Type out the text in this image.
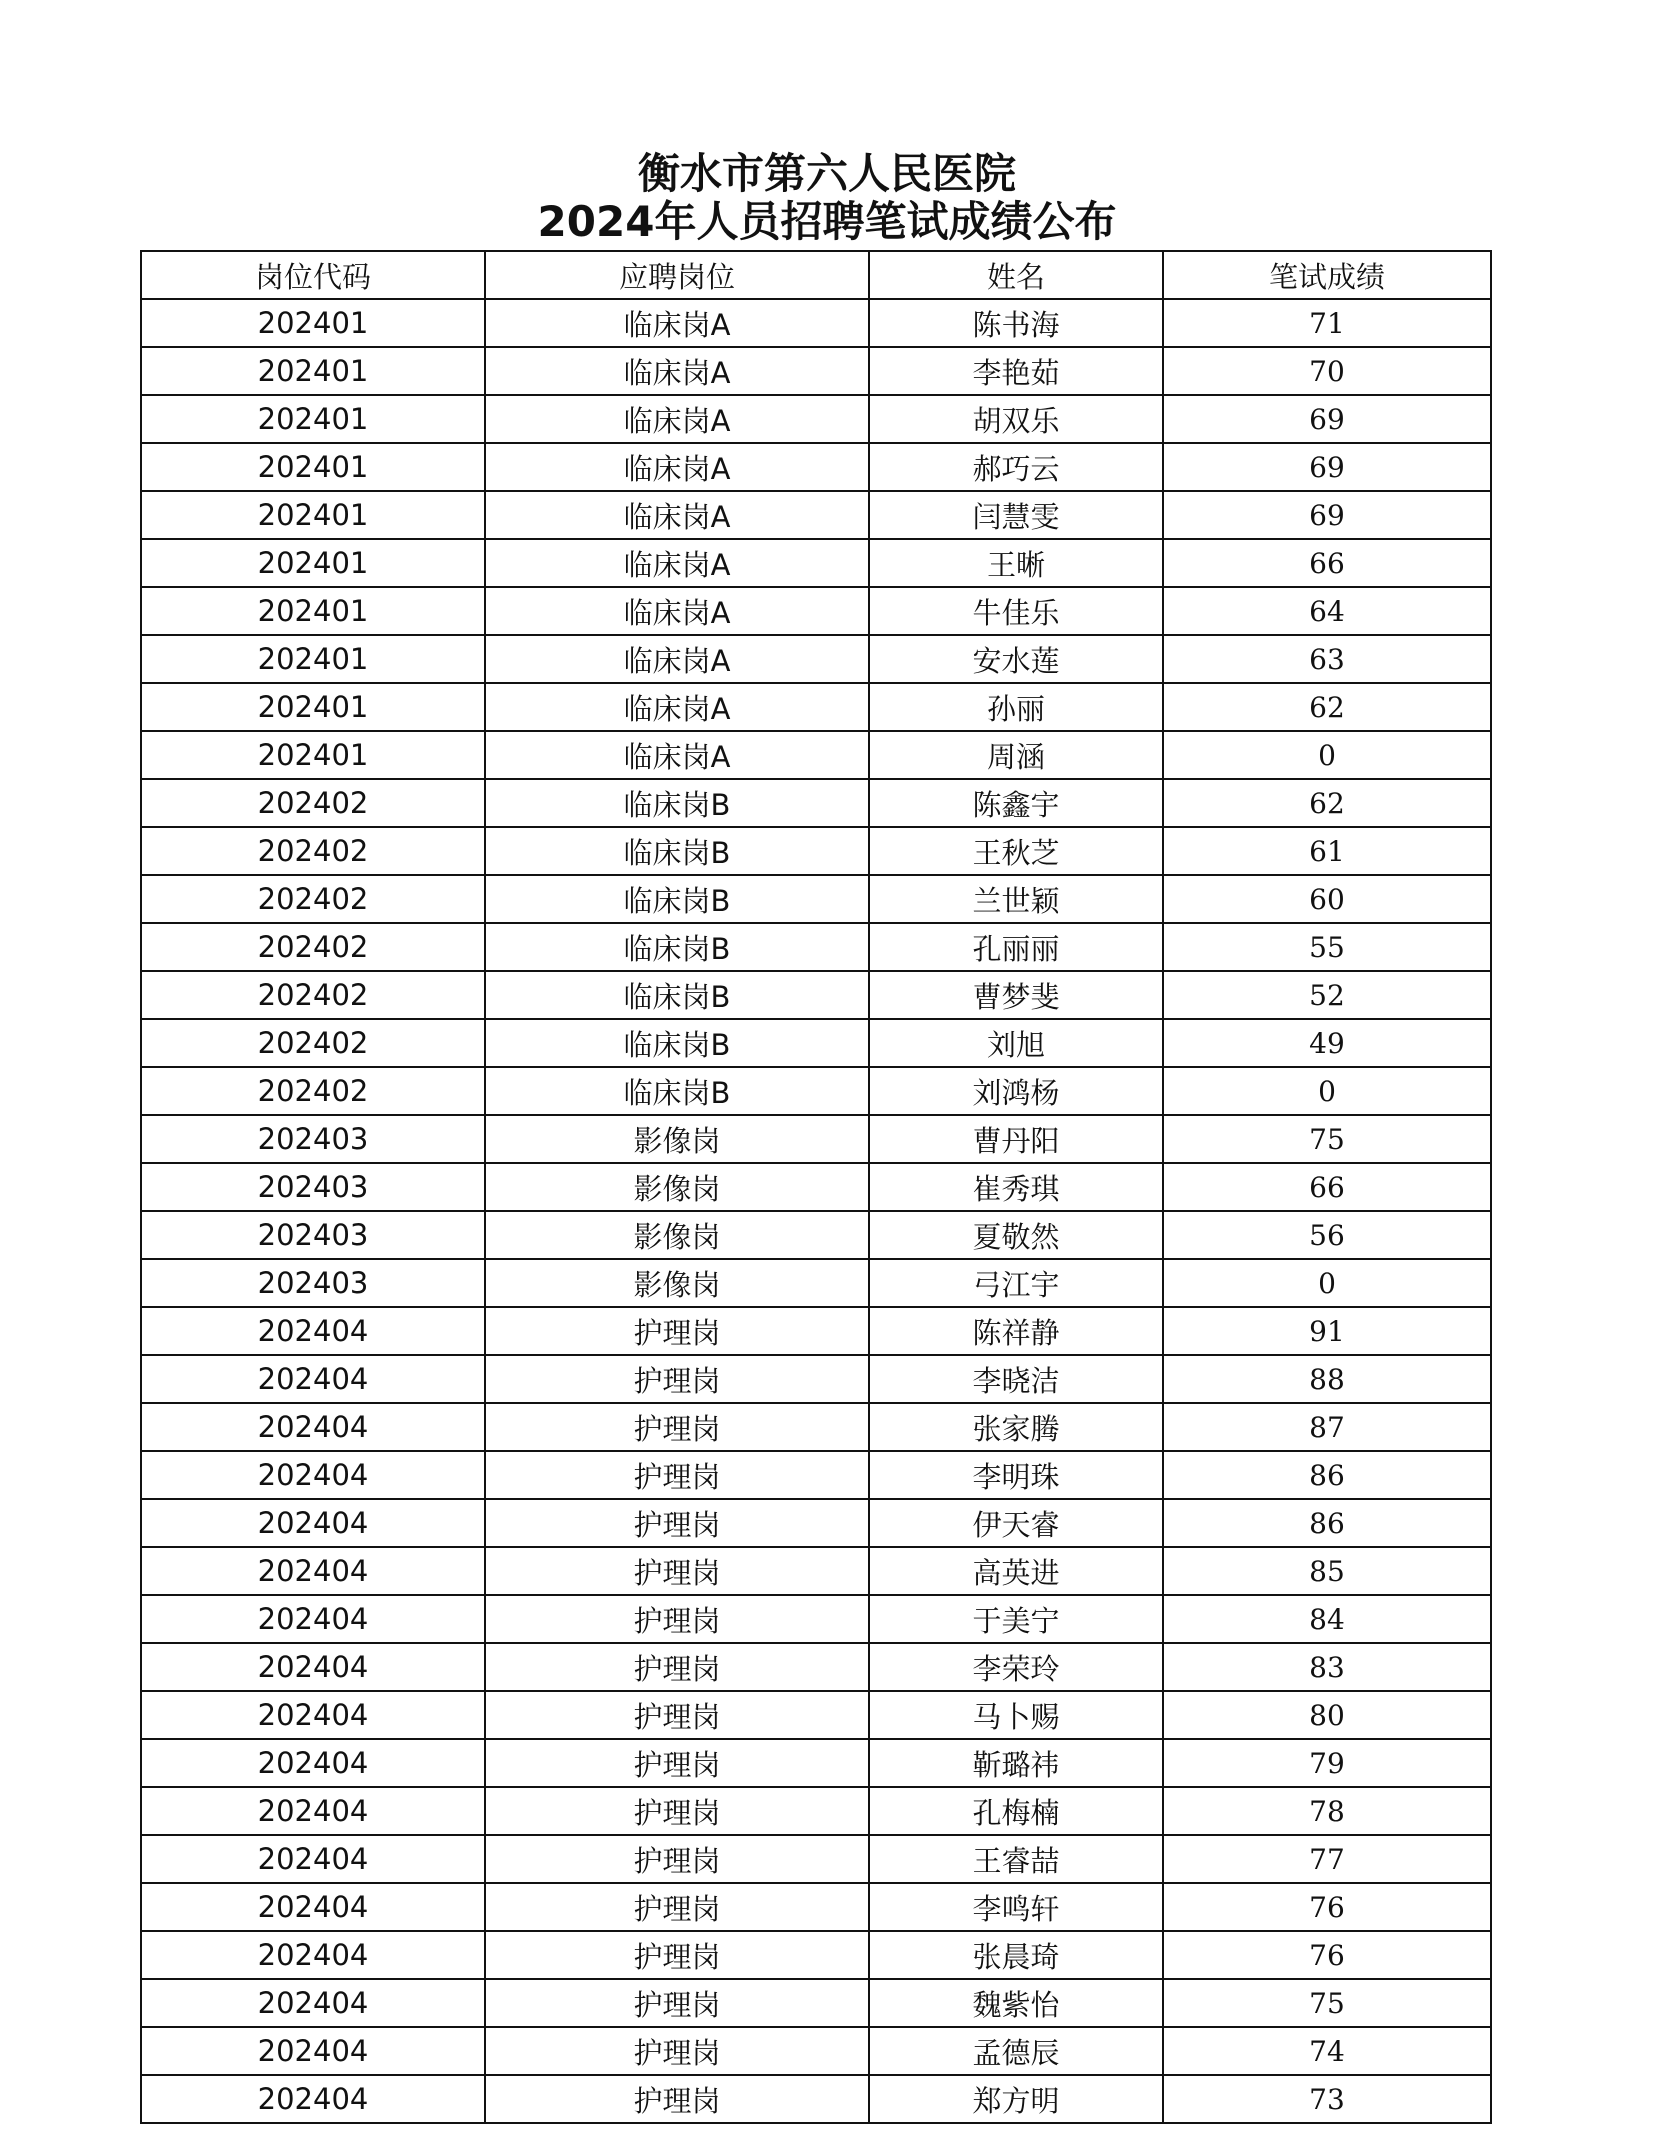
衡水市第六人民医院
2024年人员招聘笔试成绩公布
岗位代码	应聘岗位	姓名	笔试成绩
202401	临床岗A	陈书海	71
202401	临床岗A	李艳茹	70
202401	临床岗A	胡双乐	69
202401	临床岗A	郝巧云	69
202401	临床岗A	闫慧雯	69
202401	临床岗A	王晰	66
202401	临床岗A	牛佳乐	64
202401	临床岗A	安水莲	63
202401	临床岗A	孙丽	62
202401	临床岗A	周涵	0
202402	临床岗B	陈鑫宇	62
202402	临床岗B	王秋芝	61
202402	临床岗B	兰世颖	60
202402	临床岗B	孔丽丽	55
202402	临床岗B	曹梦斐	52
202402	临床岗B	刘旭	49
202402	临床岗B	刘鸿杨	0
202403	影像岗	曹丹阳	75
202403	影像岗	崔秀琪	66
202403	影像岗	夏敬然	56
202403	影像岗	弓江宇	0
202404	护理岗	陈祥静	91
202404	护理岗	李晓洁	88
202404	护理岗	张家腾	87
202404	护理岗	李明珠	86
202404	护理岗	伊天睿	86
202404	护理岗	高英进	85
202404	护理岗	于美宁	84
202404	护理岗	李荣玲	83
202404	护理岗	马卜赐	80
202404	护理岗	靳璐祎	79
202404	护理岗	孔梅楠	78
202404	护理岗	王睿喆	77
202404	护理岗	李鸣轩	76
202404	护理岗	张晨琦	76
202404	护理岗	魏紫怡	75
202404	护理岗	孟德辰	74
202404	护理岗	郑方明	73
